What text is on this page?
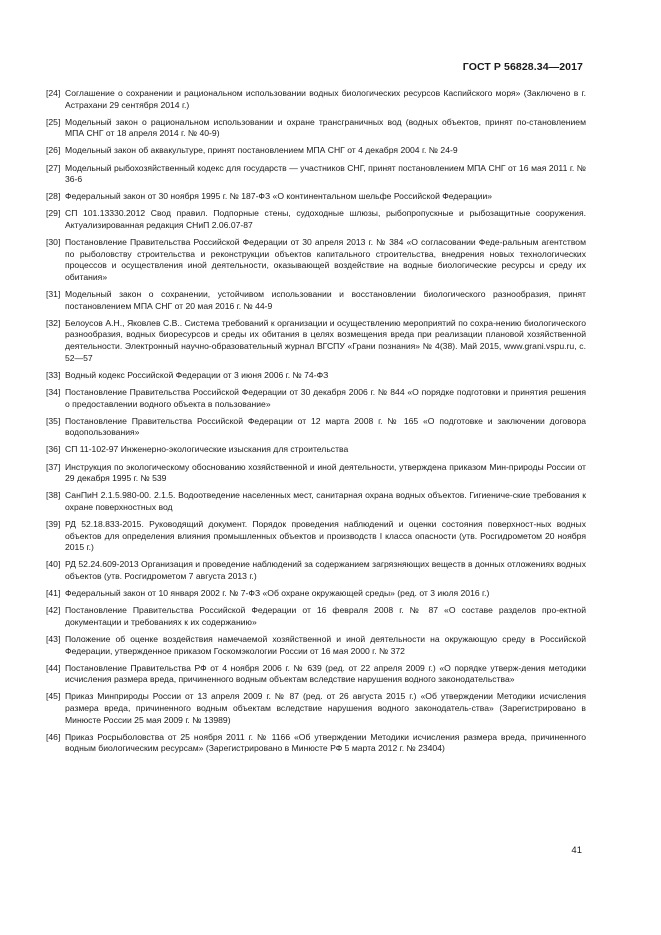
ГОСТ Р 56828.34—2017
[24] Соглашение о сохранении и рациональном использовании водных биологических ресурсов Каспийского моря» (Заключено в г. Астрахани 29 сентября 2014 г.)
[25] Модельный закон о рациональном использовании и охране трансграничных вод (водных объектов, принят по-становлением МПА СНГ от 18 апреля 2014 г. № 40-9)
[26] Модельный закон об аквакультуре, принят постановлением МПА СНГ от 4 декабря 2004 г. № 24-9
[27] Модельный рыбохозяйственный кодекс для государств — участников СНГ, принят постановлением МПА СНГ от 16 мая 2011 г. № 36-6
[28] Федеральный закон от 30 ноября 1995 г. № 187-ФЗ «О континентальном шельфе Российской Федерации»
[29] СП 101.13330.2012 Свод правил. Подпорные стены, судоходные шлюзы, рыбопропускные и рыбозащитные сооружения. Актуализированная редакция СНиП 2.06.07-87
[30] Постановление Правительства Российской Федерации от 30 апреля 2013 г. № 384 «О согласовании Феде-ральным агентством по рыболовству строительства и реконструкции объектов капитального строительства, внедрения новых технологических процессов и осуществления иной деятельности, оказывающей воздействие на водные биологические ресурсы и среду их обитания»
[31] Модельный закон о сохранении, устойчивом использовании и восстановлении биологического разнообразия, принят постановлением МПА СНГ от 20 мая 2016 г. № 44-9
[32] Белоусов А.Н., Яковлев С.В.. Система требований к организации и осуществлению мероприятий по сохра-нению биологического разнообразия, водных биоресурсов и среды их обитания в целях возмещения вреда при реализации плановой хозяйственной деятельности. Электронный научно-образовательный журнал ВГСПУ «Грани познания» № 4(38). Май 2015, www.grani.vspu.ru, с. 52—57
[33] Водный кодекс Российской Федерации от 3 июня 2006 г. № 74-ФЗ
[34] Постановление Правительства Российской Федерации от 30 декабря 2006 г. № 844 «О порядке подготовки и принятия решения о предоставлении водного объекта в пользование»
[35] Постановление Правительства Российской Федерации от 12 марта 2008 г. № 165 «О подготовке и заключении договора водопользования»
[36] СП 11-102-97 Инженерно-экологические изыскания для строительства
[37] Инструкция по экологическому обоснованию хозяйственной и иной деятельности, утверждена приказом Мин-природы России от 29 декабря 1995 г. № 539
[38] СанПиН 2.1.5.980-00. 2.1.5. Водоотведение населенных мест, санитарная охрана водных объектов. Гигиениче-ские требования к охране поверхностных вод
[39] РД 52.18.833-2015. Руководящий документ. Порядок проведения наблюдений и оценки состояния поверхност-ных водных объектов для определения влияния промышленных объектов и производств I класса опасности (утв. Росгидрометом 20 ноября 2015 г.)
[40] РД 52.24.609-2013 Организация и проведение наблюдений за содержанием загрязняющих веществ в донных отложениях водных объектов (утв. Росгидрометом 7 августа 2013 г.)
[41] Федеральный закон от 10 января 2002 г. № 7-ФЗ «Об охране окружающей среды» (ред. от 3 июля 2016 г.)
[42] Постановление Правительства Российской Федерации от 16 февраля 2008 г. № 87 «О составе разделов про-ектной документации и требованиях к их содержанию»
[43] Положение об оценке воздействия намечаемой хозяйственной и иной деятельности на окружающую среду в Российской Федерации, утвержденное приказом Госкомэкологии России от 16 мая 2000 г. № 372
[44] Постановление Правительства РФ от 4 ноября 2006 г. № 639 (ред. от 22 апреля 2009 г.) «О порядке утверж-дения методики исчисления размера вреда, причиненного водным объектам вследствие нарушения водного законодательства»
[45] Приказ Минприроды России от 13 апреля 2009 г. № 87 (ред. от 26 августа 2015 г.) «Об утверждении Методики исчисления размера вреда, причиненного водным объектам вследствие нарушения водного законодатель-ства» (Зарегистрировано в Минюсте России 25 мая 2009 г. № 13989)
[46] Приказ Росрыболовства от 25 ноября 2011 г. № 1166 «Об утверждении Методики исчисления размера вреда, причиненного водным биологическим ресурсам» (Зарегистрировано в Минюсте РФ 5 марта 2012 г. № 23404)
41
